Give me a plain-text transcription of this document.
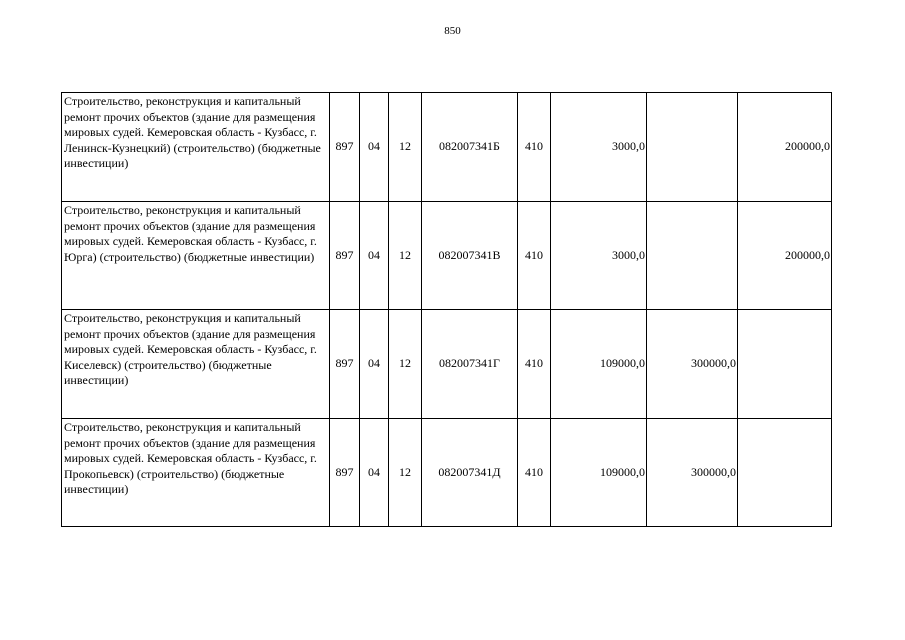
850
Строительство, реконструкция и капитальный ремонт прочих объектов (здание для размещения мировых судей. Кемеровская область - Кузбасс, г. Ленинск-Кузнецкий) (строительство) (бюджетные инвестиции)	897	04	12	082007341Б	410	3000,0		200000,0
Строительство, реконструкция и капитальный ремонт прочих объектов (здание для размещения мировых судей. Кемеровская область - Кузбасс, г. Юрга) (строительство) (бюджетные инвестиции)	897	04	12	082007341В	410	3000,0		200000,0
Строительство, реконструкция и капитальный ремонт прочих объектов (здание для размещения мировых судей. Кемеровская область - Кузбасс, г. Киселевск) (строительство) (бюджетные инвестиции)	897	04	12	082007341Г	410	109000,0	300000,0	
Строительство, реконструкция и капитальный ремонт прочих объектов (здание для размещения мировых судей. Кемеровская область - Кузбасс, г. Прокопьевск) (строительство) (бюджетные инвестиции)	897	04	12	082007341Д	410	109000,0	300000,0	
